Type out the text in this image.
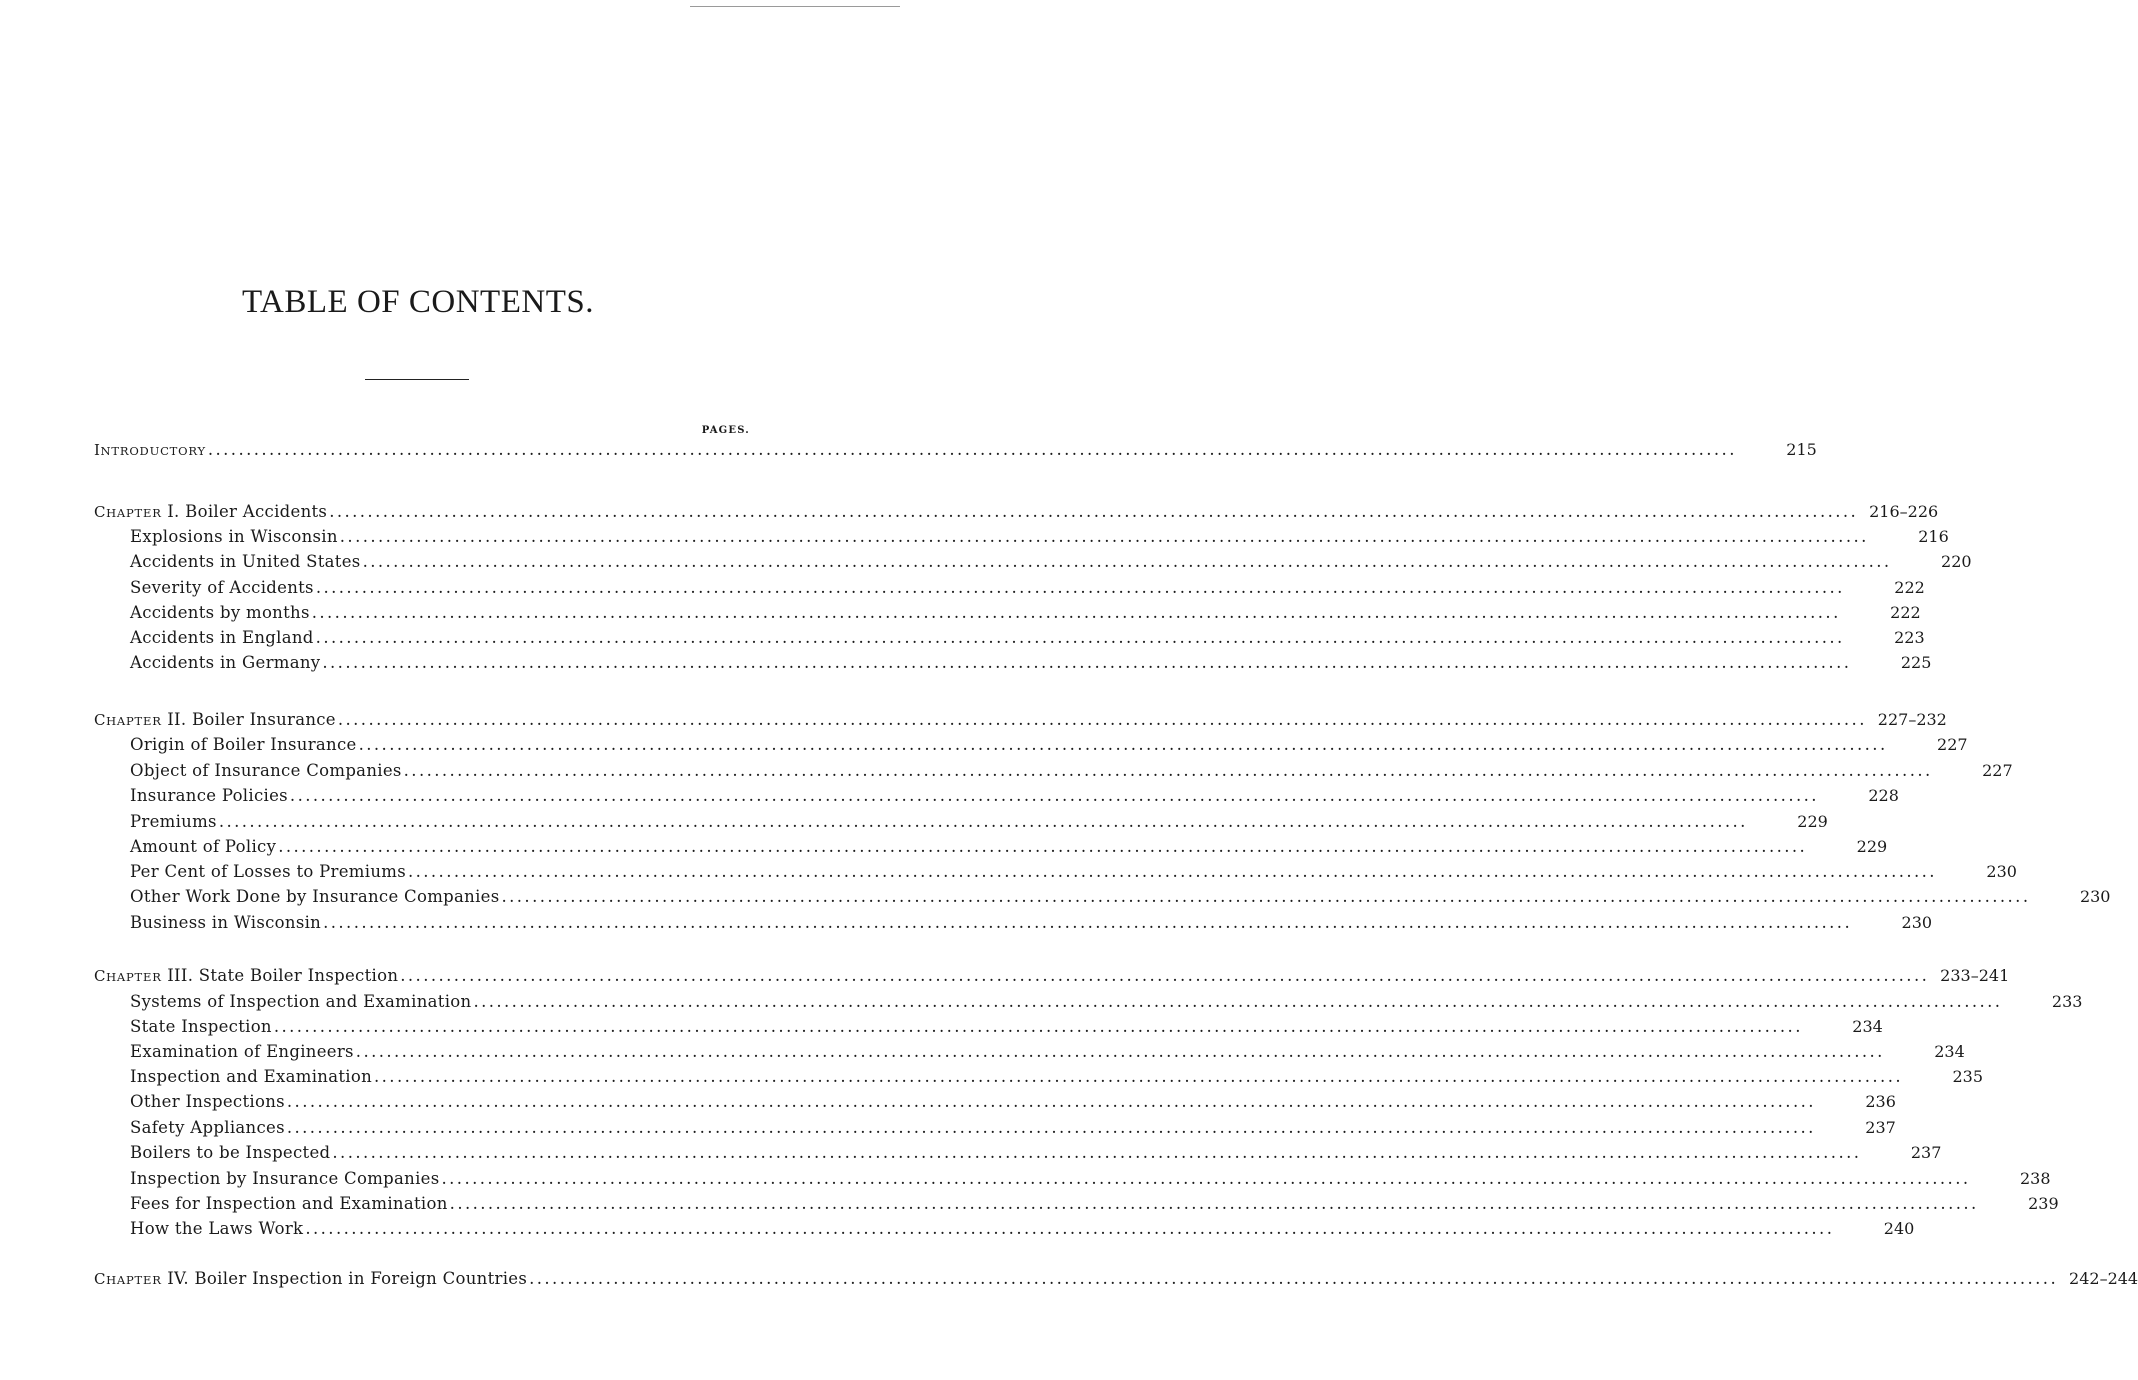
TABLE OF CONTENTS.
PAGES.
INTRODUCTORY ........................................................................................................................................................................................................	215
CHAPTER I. Boiler Accidents ........................................................................................................................................................................................................ 216–226
Explosions in Wisconsin ........................................................................................................................................................................................................	216
Accidents in United States ........................................................................................................................................................................................................	220
Severity of Accidents ........................................................................................................................................................................................................	222
Accidents by months ........................................................................................................................................................................................................	222
Accidents in England ........................................................................................................................................................................................................	223
Accidents in Germany ........................................................................................................................................................................................................	225
CHAPTER II. Boiler Insurance ........................................................................................................................................................................................................ 227–232
Origin of Boiler Insurance ........................................................................................................................................................................................................	227
Object of Insurance Companies ........................................................................................................................................................................................................	227
Insurance Policies ........................................................................................................................................................................................................	228
Premiums ........................................................................................................................................................................................................	229
Amount of Policy ........................................................................................................................................................................................................	229
Per Cent of Losses to Premiums ........................................................................................................................................................................................................	230
Other Work Done by Insurance Companies ........................................................................................................................................................................................................	230
Business in Wisconsin ........................................................................................................................................................................................................	230
CHAPTER III. State Boiler Inspection ........................................................................................................................................................................................................ 233–241
Systems of Inspection and Examination ........................................................................................................................................................................................................	233
State Inspection ........................................................................................................................................................................................................	234
Examination of Engineers ........................................................................................................................................................................................................	234
Inspection and Examination ........................................................................................................................................................................................................	235
Other Inspections ........................................................................................................................................................................................................	236
Safety Appliances ........................................................................................................................................................................................................	237
Boilers to be Inspected ........................................................................................................................................................................................................	237
Inspection by Insurance Companies ........................................................................................................................................................................................................	238
Fees for Inspection and Examination ........................................................................................................................................................................................................	239
How the Laws Work ........................................................................................................................................................................................................	240
CHAPTER IV. Boiler Inspection in Foreign Countries ........................................................................................................................................................................................................ 242–244
